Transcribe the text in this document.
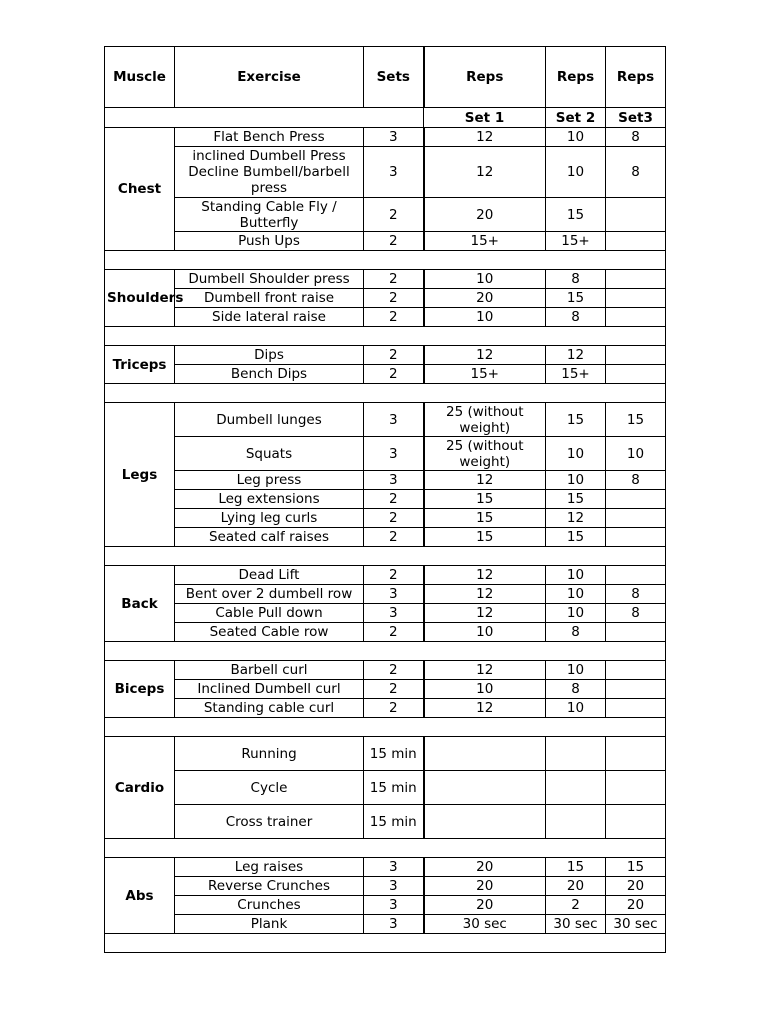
Muscle	Exercise	Sets	Reps	Reps	Reps
			Set 1	Set 2	Set3
Chest	Flat Bench Press	3	12	10	8
	inclined Dumbell Press Decline Bumbell/barbell press	3	12	10	8
	Standing Cable Fly / Butterfly	2	20	15	
	Push Ups	2	15+	15+	

Shoulders	Dumbell Shoulder press	2	10	8	
	Dumbell front raise	2	20	15	
	Side lateral raise	2	10	8	

Triceps	Dips	2	12	12	
	Bench Dips	2	15+	15+	

Legs	Dumbell lunges	3	25 (without weight)	15	15
	Squats	3	25 (without weight)	10	10
	Leg press	3	12	10	8
	Leg extensions	2	15	15	
	Lying leg curls	2	15	12	
	Seated calf raises	2	15	15	

Back	Dead Lift	2	12	10	
	Bent over 2 dumbell row	3	12	10	8
	Cable Pull down	3	12	10	8
	Seated Cable row	2	10	8	

Biceps	Barbell curl	2	12	10	
	Inclined Dumbell curl	2	10	8	
	Standing cable curl	2	12	10	

Cardio	Running	15 min			
	Cycle	15 min			
	Cross trainer	15 min			

Abs	Leg raises	3	20	15	15
	Reverse Crunches	3	20	20	20
	Crunches	3	20	2	20
	Plank	3	30 sec	30 sec	30 sec
